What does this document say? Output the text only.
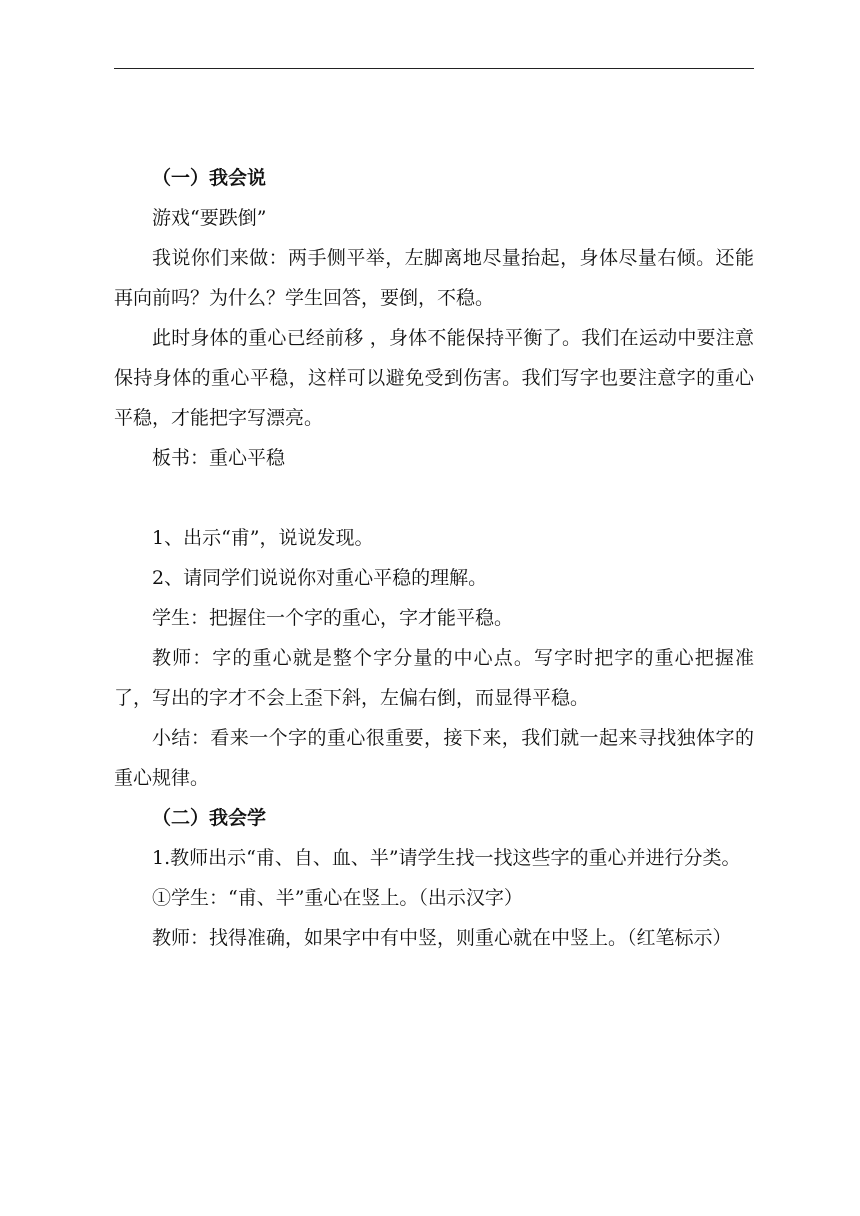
（一）我会说

游戏“要跌倒”

我说你们来做：两手侧平举，左脚离地尽量抬起，身体尽量右倾。还能再向前吗？为什么？学生回答，要倒，不稳。

此时身体的重心已经前移 ，身体不能保持平衡了。我们在运动中要注意保持身体的重心平稳，这样可以避免受到伤害。我们写字也要注意字的重心平稳，才能把字写漂亮。

板书：重心平稳

1、出示“甫”，说说发现。

2、请同学们说说你对重心平稳的理解。

学生：把握住一个字的重心，字才能平稳。

教师：字的重心就是整个字分量的中心点。写字时把字的重心把握准了，写出的字才不会上歪下斜，左偏右倒，而显得平稳。

小结：看来一个字的重心很重要，接下来，我们就一起来寻找独体字的重心规律。

（二）我会学

1.教师出示“甫、自、血、半”请学生找一找这些字的重心并进行分类。

①学生：“甫、半”重心在竖上。（出示汉字）

教师：找得准确，如果字中有中竖，则重心就在中竖上。（红笔标示）
